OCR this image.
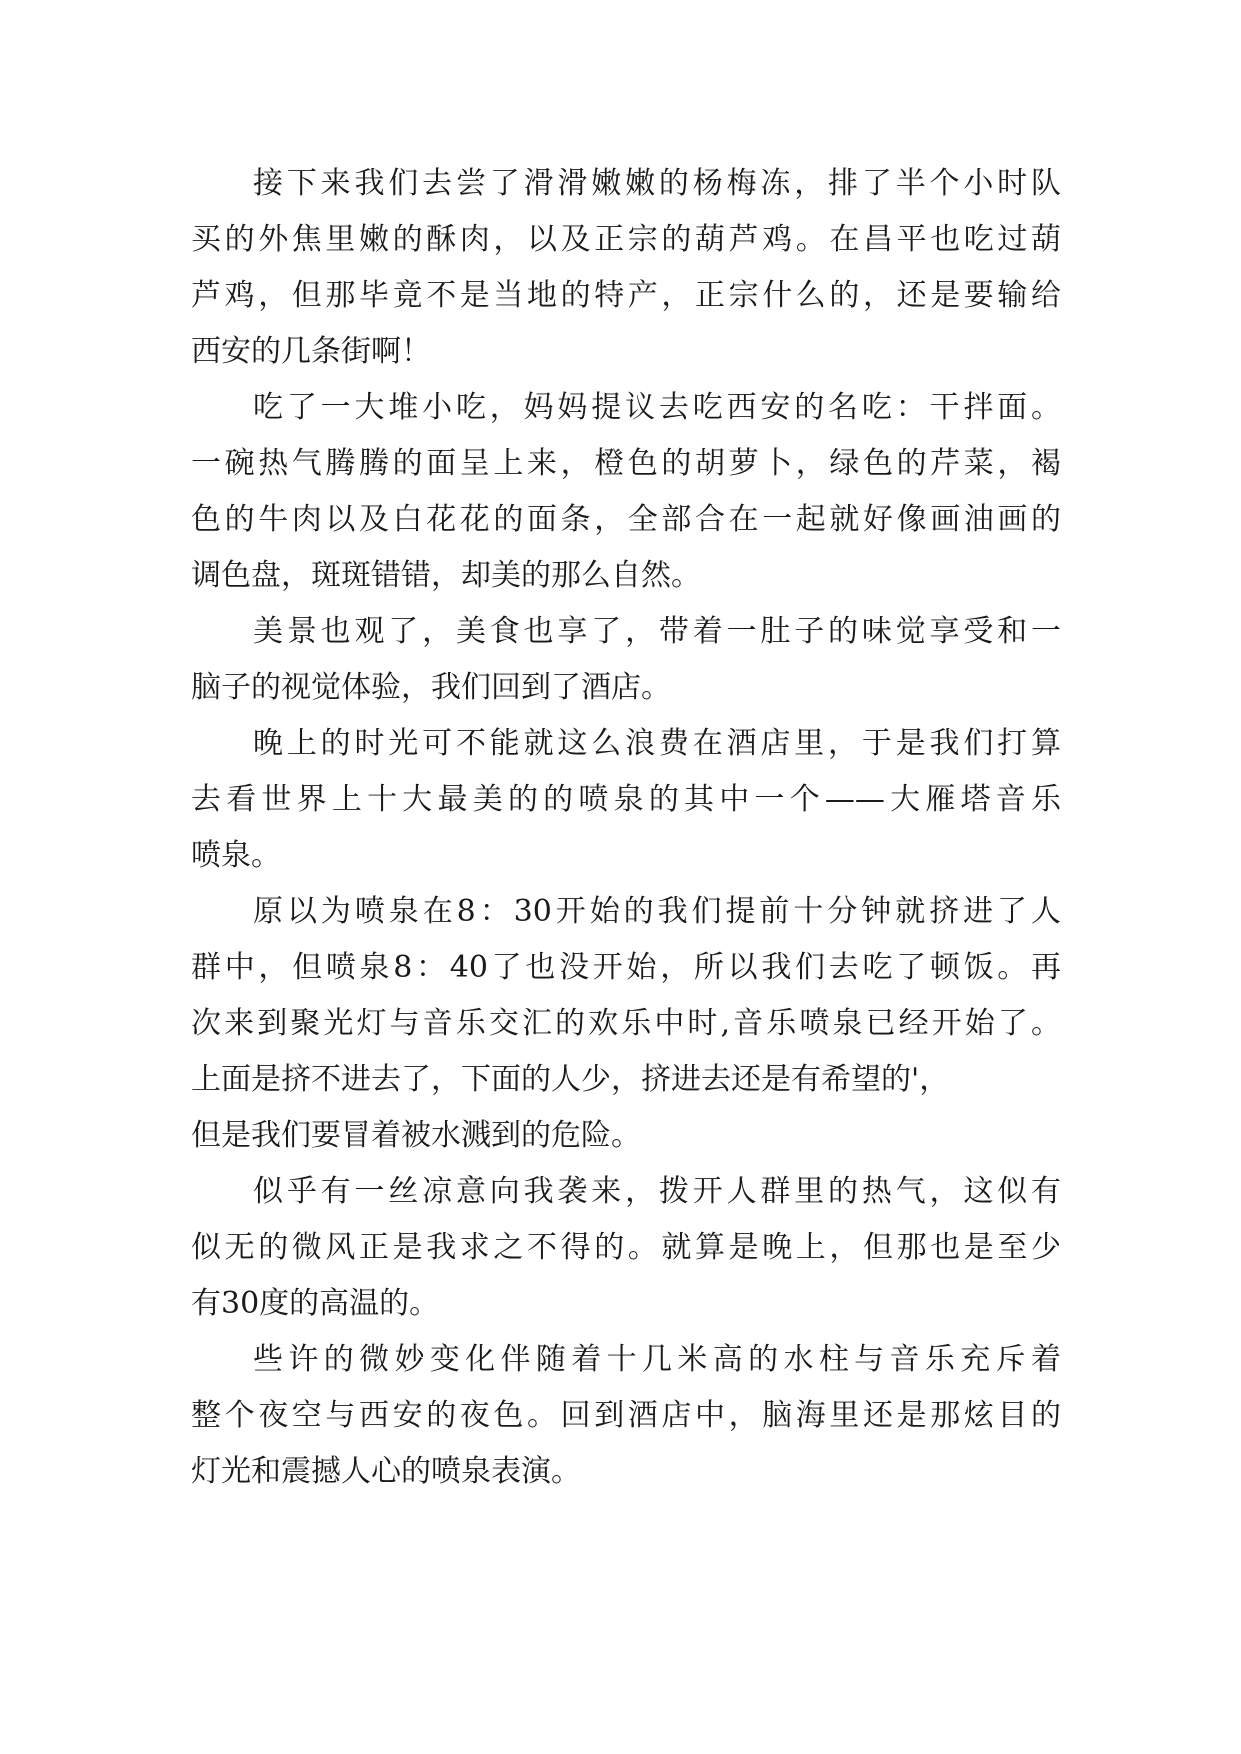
接下来我们去尝了滑滑嫩嫩的杨梅冻，排了半个小时队
买的外焦里嫩的酥肉，以及正宗的葫芦鸡。在昌平也吃过葫
芦鸡，但那毕竟不是当地的特产，正宗什么的，还是要输给
西安的几条街啊！
吃了一大堆小吃，妈妈提议去吃西安的名吃：干拌面。
一碗热气腾腾的面呈上来，橙色的胡萝卜，绿色的芹菜，褐
色的牛肉以及白花花的面条，全部合在一起就好像画油画的
调色盘，斑斑错错，却美的那么自然。
美景也观了，美食也享了，带着一肚子的味觉享受和一
脑子的视觉体验，我们回到了酒店。
晚上的时光可不能就这么浪费在酒店里，于是我们打算
去看世界上十大最美的的喷泉的其中一个——大雁塔音乐
喷泉。
原以为喷泉在8：30开始的我们提前十分钟就挤进了人
群中，但喷泉8：40了也没开始，所以我们去吃了顿饭。再
次来到聚光灯与音乐交汇的欢乐中时,音乐喷泉已经开始了。
上面是挤不进去了，下面的人少，挤进去还是有希望的'，
但是我们要冒着被水溅到的危险。
似乎有一丝凉意向我袭来，拨开人群里的热气，这似有
似无的微风正是我求之不得的。就算是晚上，但那也是至少
有30度的高温的。
些许的微妙变化伴随着十几米高的水柱与音乐充斥着
整个夜空与西安的夜色。回到酒店中，脑海里还是那炫目的
灯光和震撼人心的喷泉表演。
